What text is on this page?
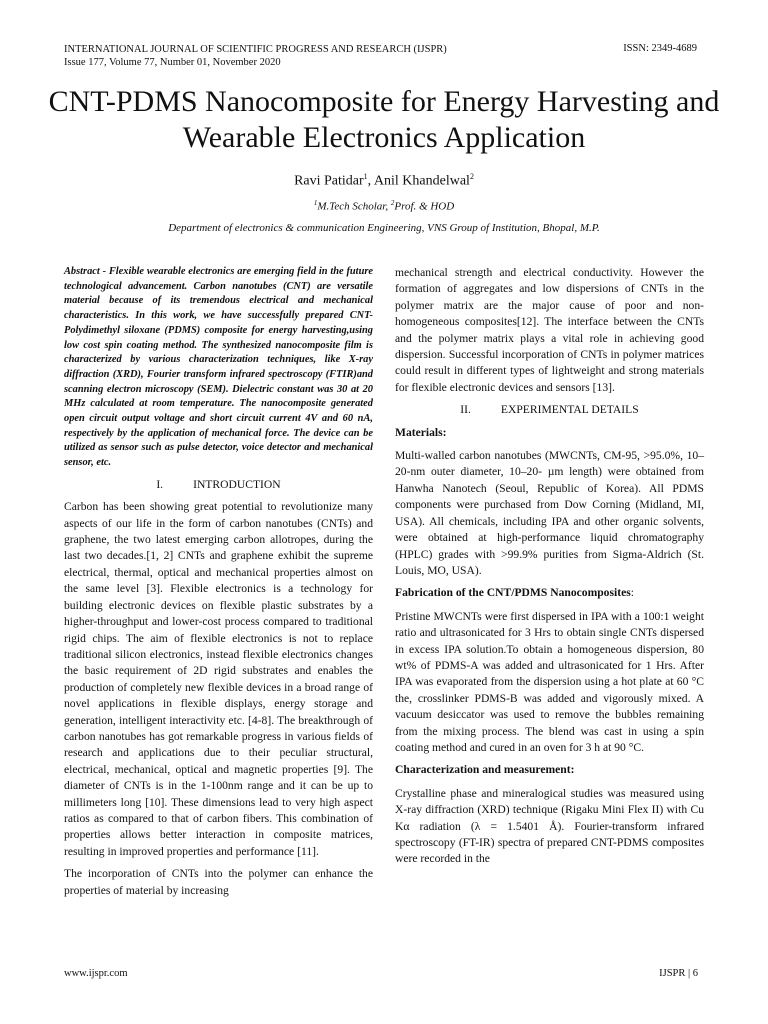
INTERNATIONAL JOURNAL OF SCIENTIFIC PROGRESS AND RESEARCH (IJSPR)	ISSN: 2349-4689
Issue 177, Volume 77, Number 01, November 2020
CNT-PDMS Nanocomposite for Energy Harvesting and Wearable Electronics Application
Ravi Patidar$^1$, Anil Khandelwal$^2$
$^1$M.Tech Scholar, $^2$Prof. & HOD
Department of electronics & communication Engineering, VNS Group of Institution, Bhopal, M.P.

Abstract - Flexible wearable electronics are emerging field in the future technological advancement. Carbon nanotubes (CNT) are versatile material because of its tremendous electrical and mechanical characteristics. In this work, we have successfully prepared CNT- Polydimethyl siloxane (PDMS) composite for energy harvesting,using low cost spin coating method. The synthesized nanocomposite film is characterized by various characterization techniques, like X-ray diffraction (XRD), Fourier transform infrared spectroscopy (FTIR)and scanning electron microscopy (SEM). Dielectric constant was 30 at 20 MHz calculated at room temperature. The nanocomposite generated open circuit output voltage and short circuit current 4V and 60 nA, respectively by the application of mechanical force. The device can be utilized as sensor such as pulse detector, voice detector and mechanical sensor, etc.

I.	INTRODUCTION

Carbon has been showing great potential to revolutionize many aspects of our life in the form of carbon nanotubes (CNTs) and graphene, the two latest emerging carbon allotropes, during the last two decades.[1, 2] CNTs and graphene exhibit the supreme electrical, thermal, optical and mechanical properties almost on the same level [3]. Flexible electronics is a technology for building electronic devices on flexible plastic substrates by a higher-throughput and lower-cost process compared to traditional rigid chips. The aim of flexible electronics is not to replace traditional silicon electronics, instead flexible electronics changes the basic requirement of 2D rigid substrates and enables the production of completely new flexible devices in a broad range of novel applications in flexible displays, energy storage and generation, intelligent interactivity etc. [4-8]. The breakthrough of carbon nanotubes has got remarkable progress in various fields of research and applications due to their peculiar structural, electrical, mechanical, optical and magnetic properties [9]. The diameter of CNTs is in the 1-100nm range and it can be up to millimeters long [10]. These dimensions lead to very high aspect ratios as compared to that of carbon fibers. This combination of properties allows better interaction in composite matrices, resulting in improved properties and performance [11].

The incorporation of CNTs into the polymer can enhance the properties of material by increasing

mechanical strength and electrical conductivity. However the formation of aggregates and low dispersions of CNTs in the polymer matrix are the major cause of poor and non-homogeneous composites[12]. The interface between the CNTs and the polymer matrix plays a vital role in achieving good dispersion. Successful incorporation of CNTs in polymer matrices could result in different types of lightweight and strong materials for flexible electronic devices and sensors [13].

II.	EXPERIMENTAL DETAILS
Materials:

Multi-walled carbon nanotubes (MWCNTs, CM-95, >95.0%, 10–20-nm outer diameter, 10–20- µm length) were obtained from Hanwha Nanotech (Seoul, Republic of Korea). All PDMS components were purchased from Dow Corning (Midland, MI, USA). All chemicals, including IPA and other organic solvents, were obtained at high-performance liquid chromatography (HPLC) grades with >99.9% purities from Sigma-Aldrich (St. Louis, MO, USA).

Fabrication of the CNT/PDMS Nanocomposites:

Pristine MWCNTs were first dispersed in IPA with a 100:1 weight ratio and ultrasonicated for 3 Hrs to obtain single CNTs dispersed in excess IPA solution.To obtain a homogeneous dispersion, 80 wt% of PDMS-A was added and ultrasonicated for 1 Hrs. After IPA was evaporated from the dispersion using a hot plate at 60 °C the, crosslinker PDMS-B was added and vigorously mixed. A vacuum desiccator was used to remove the bubbles remaining from the mixing process. The blend was cast in using a spin coating method and cured in an oven for 3 h at 90 °C.

Characterization and measurement:

Crystalline phase and mineralogical studies was measured using X-ray diffraction (XRD) technique (Rigaku Mini Flex II) with Cu Kα radiation (λ = 1.5401 Å). Fourier-transform infrared spectroscopy (FT-IR) spectra of prepared CNT-PDMS composites were recorded in the

www.ijspr.com	IJSPR | 6
